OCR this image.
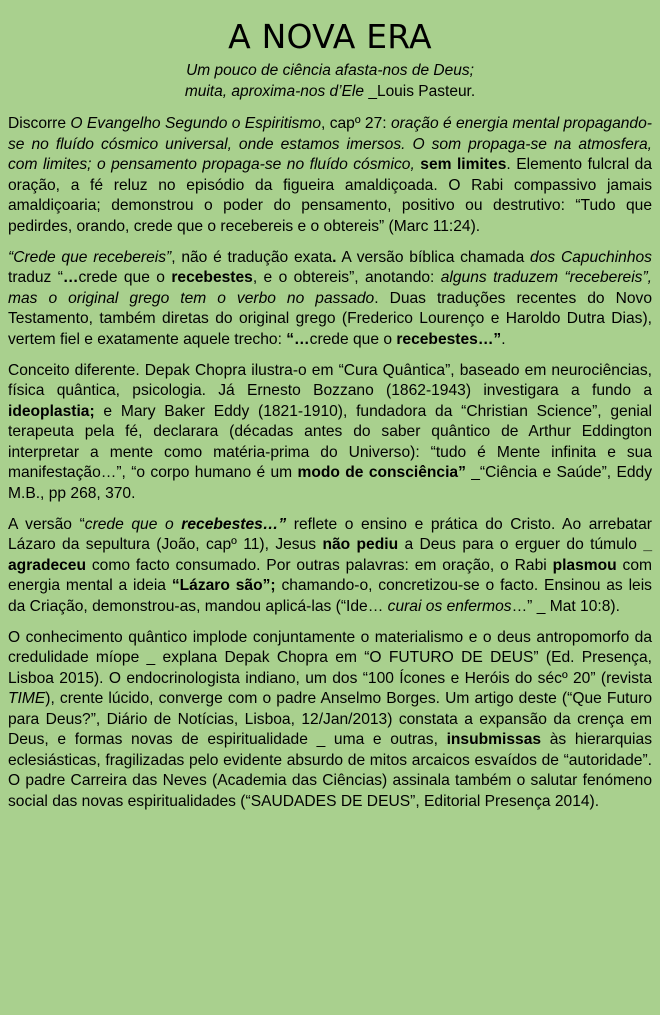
A NOVA ERA
Um pouco de ciência afasta-nos de Deus;
muita, aproxima-nos d’Ele _Louis Pasteur.

Discorre O Evangelho Segundo o Espiritismo, capº 27: oração é energia mental propagando-se no fluído cósmico universal, onde estamos imersos. O som propaga-se na atmosfera, com limites; o pensamento propaga-se no fluído cósmico, sem limites. Elemento fulcral da oração, a fé reluz no episódio da figueira amaldiçoada. O Rabi compassivo jamais amaldiçoaria; demonstrou o poder do pensamento, positivo ou destrutivo: “Tudo que pedirdes, orando, crede que o recebereis e o obtereis” (Marc 11:24).

“Crede que recebereis”, não é tradução exata. A versão bíblica chamada dos Capuchinhos traduz “…crede que o recebestes, e o obtereis”, anotando: alguns traduzem “recebereis”, mas o original grego tem o verbo no passado. Duas traduções recentes do Novo Testamento, também diretas do original grego (Frederico Lourenço e Haroldo Dutra Dias), vertem fiel e exatamente aquele trecho: “…crede que o recebestes…”.

Conceito diferente. Depak Chopra ilustra-o em “Cura Quântica”, baseado em neurociências, física quântica, psicologia. Já Ernesto Bozzano (1862-1943) investigara a fundo a ideoplastia; e Mary Baker Eddy (1821-1910), fundadora da “Christian Science”, genial terapeuta pela fé, declarara (décadas antes do saber quântico de Arthur Eddington interpretar a mente como matéria-prima do Universo): “tudo é Mente infinita e sua manifestação…”, “o corpo humano é um modo de consciência” _“Ciência e Saúde”, Eddy M.B., pp 268, 370.

A versão “crede que o recebestes…” reflete o ensino e prática do Cristo. Ao arrebatar Lázaro da sepultura (João, capº 11), Jesus não pediu a Deus para o erguer do túmulo _ agradeceu como facto consumado. Por outras palavras: em oração, o Rabi plasmou com energia mental a ideia “Lázaro são”; chamando-o, concretizou-se o facto. Ensinou as leis da Criação, demonstrou-as, mandou aplicá-las (“Ide… curai os enfermos…” _ Mat 10:8).

O conhecimento quântico implode conjuntamente o materialismo e o deus antropomorfo da credulidade míope _ explana Depak Chopra em “O FUTURO DE DEUS” (Ed. Presença, Lisboa 2015). O endocrinologista indiano, um dos “100 Ícones e Heróis do sécº 20” (revista TIME), crente lúcido, converge com o padre Anselmo Borges. Um artigo deste (“Que Futuro para Deus?”, Diário de Notícias, Lisboa, 12/Jan/2013) constata a expansão da crença em Deus, e formas novas de espiritualidade _ uma e outras, insubmissas às hierarquias eclesiásticas, fragilizadas pelo evidente absurdo de mitos arcaicos esvaídos de “autoridade”. O padre Carreira das Neves (Academia das Ciências) assinala também o salutar fenómeno social das novas espiritualidades (“SAUDADES DE DEUS”, Editorial Presença 2014).
